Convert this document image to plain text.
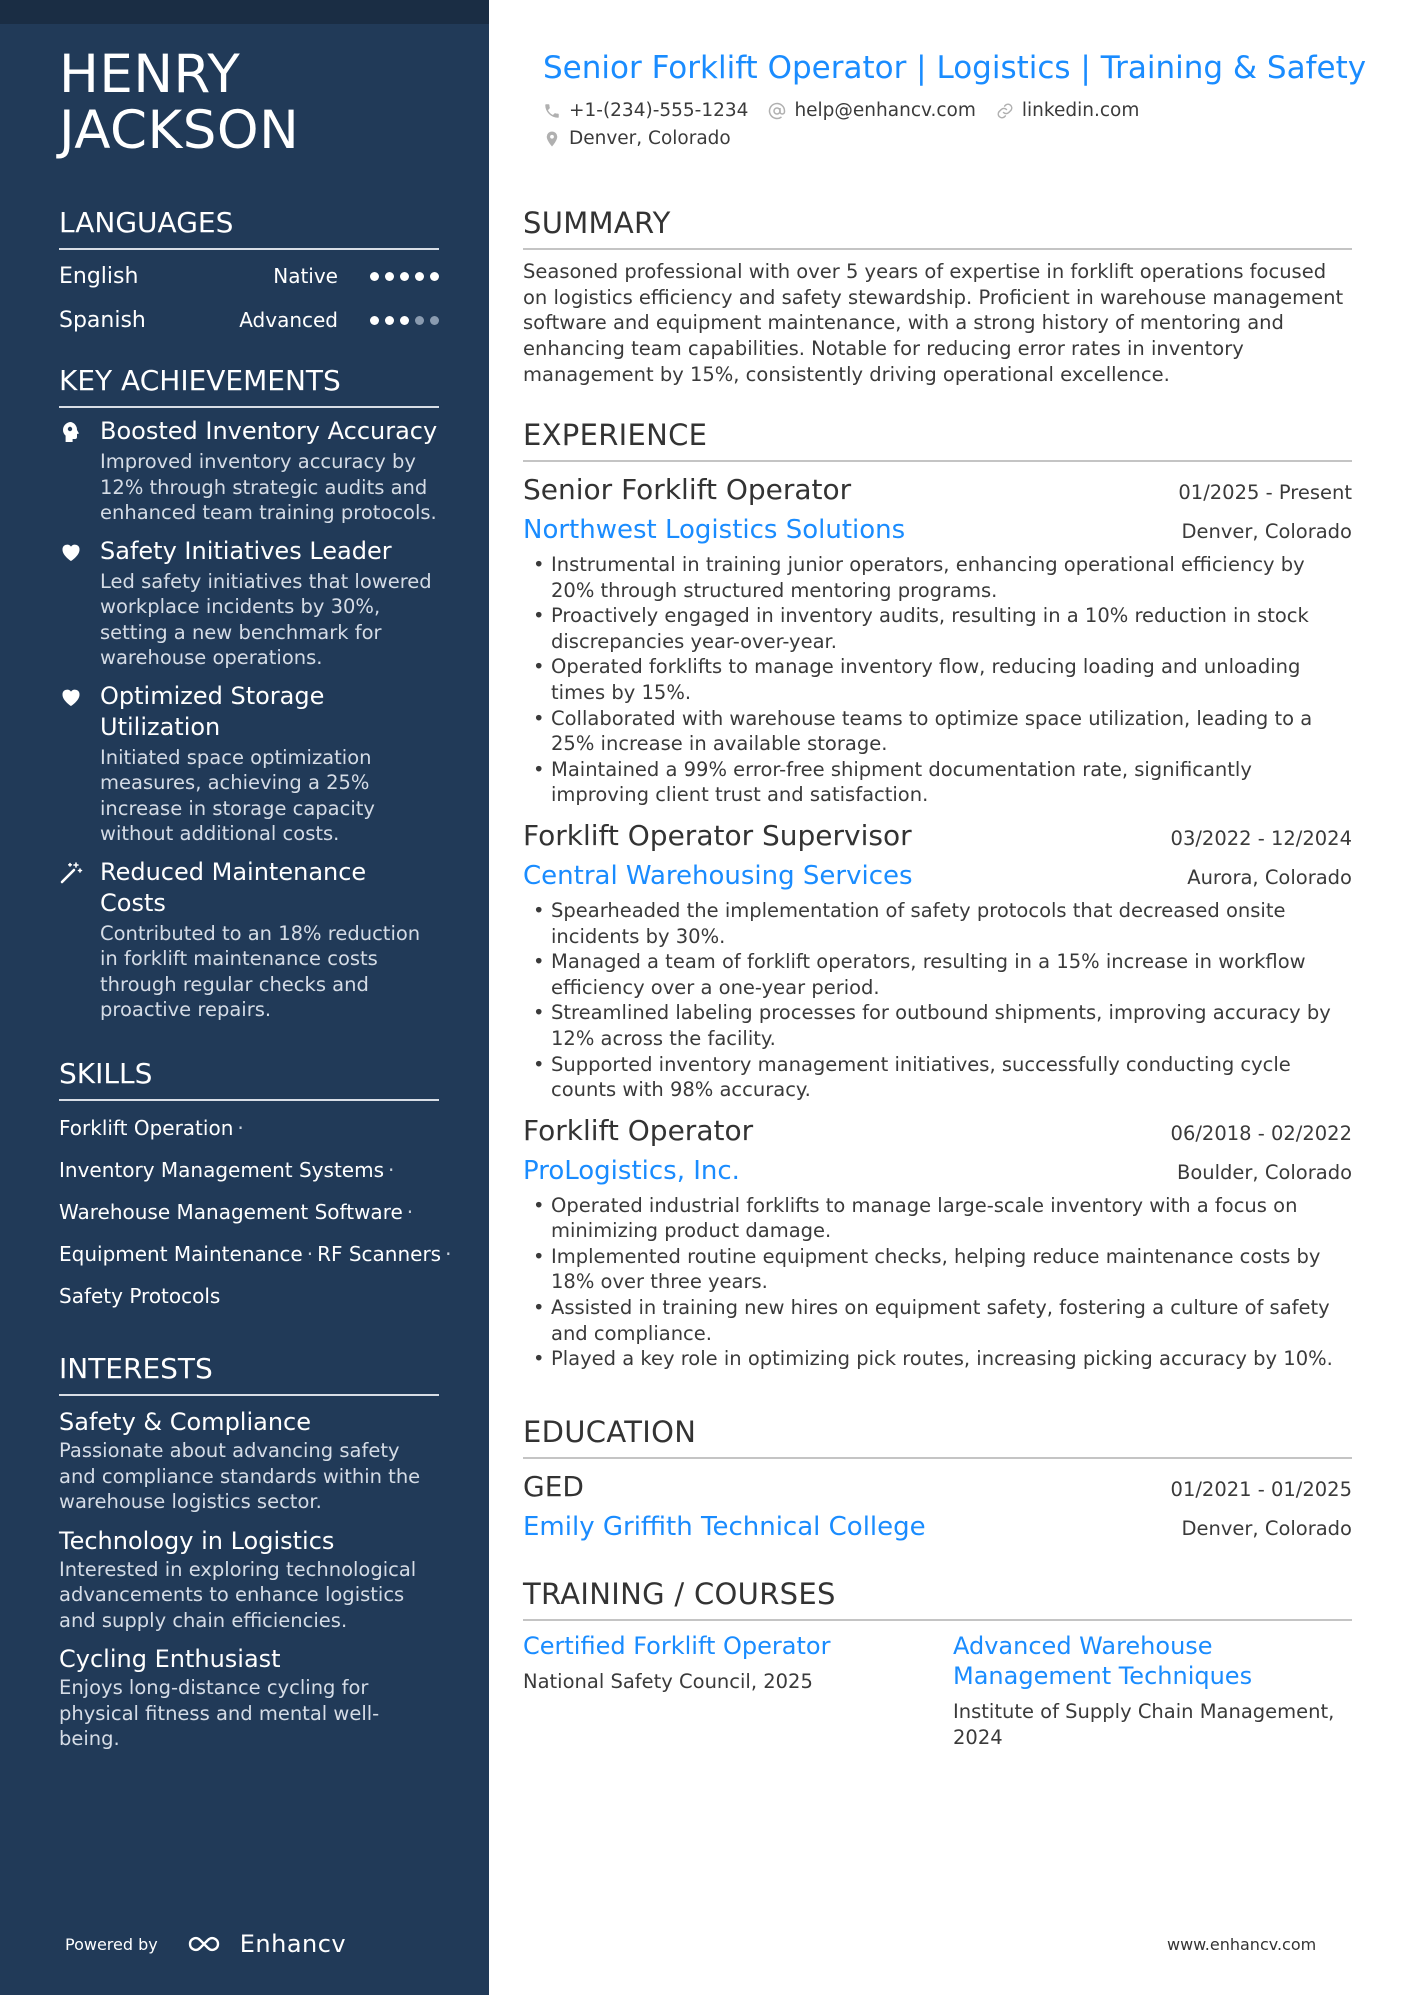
HENRY
JACKSON
LANGUAGES
English	Native
Spanish	Advanced
KEY ACHIEVEMENTS
Boosted Inventory Accuracy
Improved inventory accuracy by 12% through strategic audits and enhanced team training protocols.
Safety Initiatives Leader
Led safety initiatives that lowered workplace incidents by 30%, setting a new benchmark for warehouse operations.
Optimized Storage Utilization
Initiated space optimization measures, achieving a 25% increase in storage capacity without additional costs.
Reduced Maintenance Costs
Contributed to an 18% reduction in forklift maintenance costs through regular checks and proactive repairs.
SKILLS
Forklift Operation ·
Inventory Management Systems ·
Warehouse Management Software ·
Equipment Maintenance · RF Scanners ·
Safety Protocols
INTERESTS
Safety & Compliance
Passionate about advancing safety and compliance standards within the warehouse logistics sector.
Technology in Logistics
Interested in exploring technological advancements to enhance logistics and supply chain efficiencies.
Cycling Enthusiast
Enjoys long-distance cycling for physical fitness and mental well-being.
Powered by	Enhancv
Senior Forklift Operator | Logistics | Training & Safety
+1-(234)-555-1234 help@enhancv.com linkedin.com
Denver, Colorado
SUMMARY
Seasoned professional with over 5 years of expertise in forklift operations focused on logistics efficiency and safety stewardship. Proficient in warehouse management software and equipment maintenance, with a strong history of mentoring and enhancing team capabilities. Notable for reducing error rates in inventory management by 15%, consistently driving operational excellence.
EXPERIENCE
Senior Forklift Operator	01/2025 - Present
Northwest Logistics Solutions	Denver, Colorado
• Instrumental in training junior operators, enhancing operational efficiency by 20% through structured mentoring programs.
• Proactively engaged in inventory audits, resulting in a 10% reduction in stock discrepancies year-over-year.
• Operated forklifts to manage inventory flow, reducing loading and unloading times by 15%.
• Collaborated with warehouse teams to optimize space utilization, leading to a 25% increase in available storage.
• Maintained a 99% error-free shipment documentation rate, significantly improving client trust and satisfaction.
Forklift Operator Supervisor	03/2022 - 12/2024
Central Warehousing Services	Aurora, Colorado
• Spearheaded the implementation of safety protocols that decreased onsite incidents by 30%.
• Managed a team of forklift operators, resulting in a 15% increase in workflow efficiency over a one-year period.
• Streamlined labeling processes for outbound shipments, improving accuracy by 12% across the facility.
• Supported inventory management initiatives, successfully conducting cycle counts with 98% accuracy.
Forklift Operator	06/2018 - 02/2022
ProLogistics, Inc.	Boulder, Colorado
• Operated industrial forklifts to manage large-scale inventory with a focus on minimizing product damage.
• Implemented routine equipment checks, helping reduce maintenance costs by 18% over three years.
• Assisted in training new hires on equipment safety, fostering a culture of safety and compliance.
• Played a key role in optimizing pick routes, increasing picking accuracy by 10%.
EDUCATION
GED	01/2021 - 01/2025
Emily Griffith Technical College	Denver, Colorado
TRAINING / COURSES
Certified Forklift Operator
National Safety Council, 2025
Advanced Warehouse Management Techniques
Institute of Supply Chain Management, 2024
www.enhancv.com
